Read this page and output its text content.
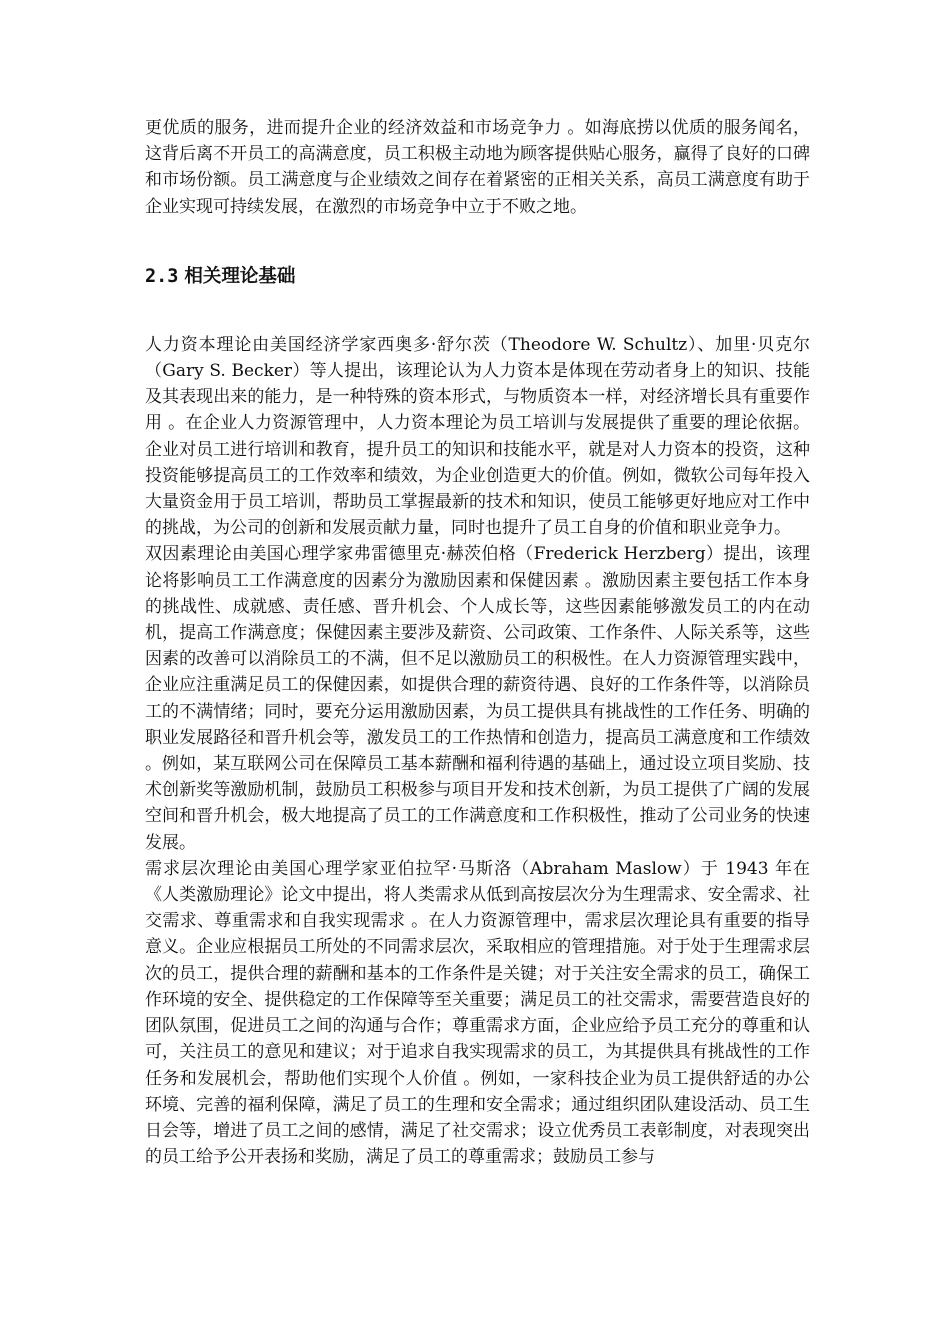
更优质的服务，进而提升企业的经济效益和市场竞争力 。如海底捞以优质的服务闻名，这背后离不开员工的高满意度，员工积极主动地为顾客提供贴心服务，赢得了良好的口碑和市场份额。员工满意度与企业绩效之间存在着紧密的正相关关系，高员工满意度有助于企业实现可持续发展，在激烈的市场竞争中立于不败之地。

2.3 相关理论基础

人力资本理论由美国经济学家西奥多·舒尔茨（Theodore W. Schultz）、加里·贝克尔（Gary S. Becker）等人提出，该理论认为人力资本是体现在劳动者身上的知识、技能及其表现出来的能力，是一种特殊的资本形式，与物质资本一样，对经济增长具有重要作用 。在企业人力资源管理中，人力资本理论为员工培训与发展提供了重要的理论依据。企业对员工进行培训和教育，提升员工的知识和技能水平，就是对人力资本的投资，这种投资能够提高员工的工作效率和绩效，为企业创造更大的价值。例如，微软公司每年投入大量资金用于员工培训，帮助员工掌握最新的技术和知识，使员工能够更好地应对工作中的挑战，为公司的创新和发展贡献力量，同时也提升了员工自身的价值和职业竞争力。

双因素理论由美国心理学家弗雷德里克·赫茨伯格（Frederick Herzberg）提出，该理论将影响员工工作满意度的因素分为激励因素和保健因素 。激励因素主要包括工作本身的挑战性、成就感、责任感、晋升机会、个人成长等，这些因素能够激发员工的内在动机，提高工作满意度；保健因素主要涉及薪资、公司政策、工作条件、人际关系等，这些因素的改善可以消除员工的不满，但不足以激励员工的积极性。在人力资源管理实践中，企业应注重满足员工的保健因素，如提供合理的薪资待遇、良好的工作条件等，以消除员工的不满情绪；同时，要充分运用激励因素，为员工提供具有挑战性的工作任务、明确的职业发展路径和晋升机会等，激发员工的工作热情和创造力，提高员工满意度和工作绩效 。例如，某互联网公司在保障员工基本薪酬和福利待遇的基础上，通过设立项目奖励、技术创新奖等激励机制，鼓励员工积极参与项目开发和技术创新，为员工提供了广阔的发展空间和晋升机会，极大地提高了员工的工作满意度和工作积极性，推动了公司业务的快速发展。

需求层次理论由美国心理学家亚伯拉罕·马斯洛（Abraham Maslow）于 1943 年在《人类激励理论》论文中提出，将人类需求从低到高按层次分为生理需求、安全需求、社交需求、尊重需求和自我实现需求 。在人力资源管理中，需求层次理论具有重要的指导意义。企业应根据员工所处的不同需求层次，采取相应的管理措施。对于处于生理需求层次的员工，提供合理的薪酬和基本的工作条件是关键；对于关注安全需求的员工，确保工作环境的安全、提供稳定的工作保障等至关重要；满足员工的社交需求，需要营造良好的团队氛围，促进员工之间的沟通与合作；尊重需求方面，企业应给予员工充分的尊重和认可，关注员工的意见和建议；对于追求自我实现需求的员工，为其提供具有挑战性的工作任务和发展机会，帮助他们实现个人价值 。例如，一家科技企业为员工提供舒适的办公环境、完善的福利保障，满足了员工的生理和安全需求；通过组织团队建设活动、员工生日会等，增进了员工之间的感情，满足了社交需求；设立优秀员工表彰制度，对表现突出的员工给予公开表扬和奖励，满足了员工的尊重需求；鼓励员工参与
